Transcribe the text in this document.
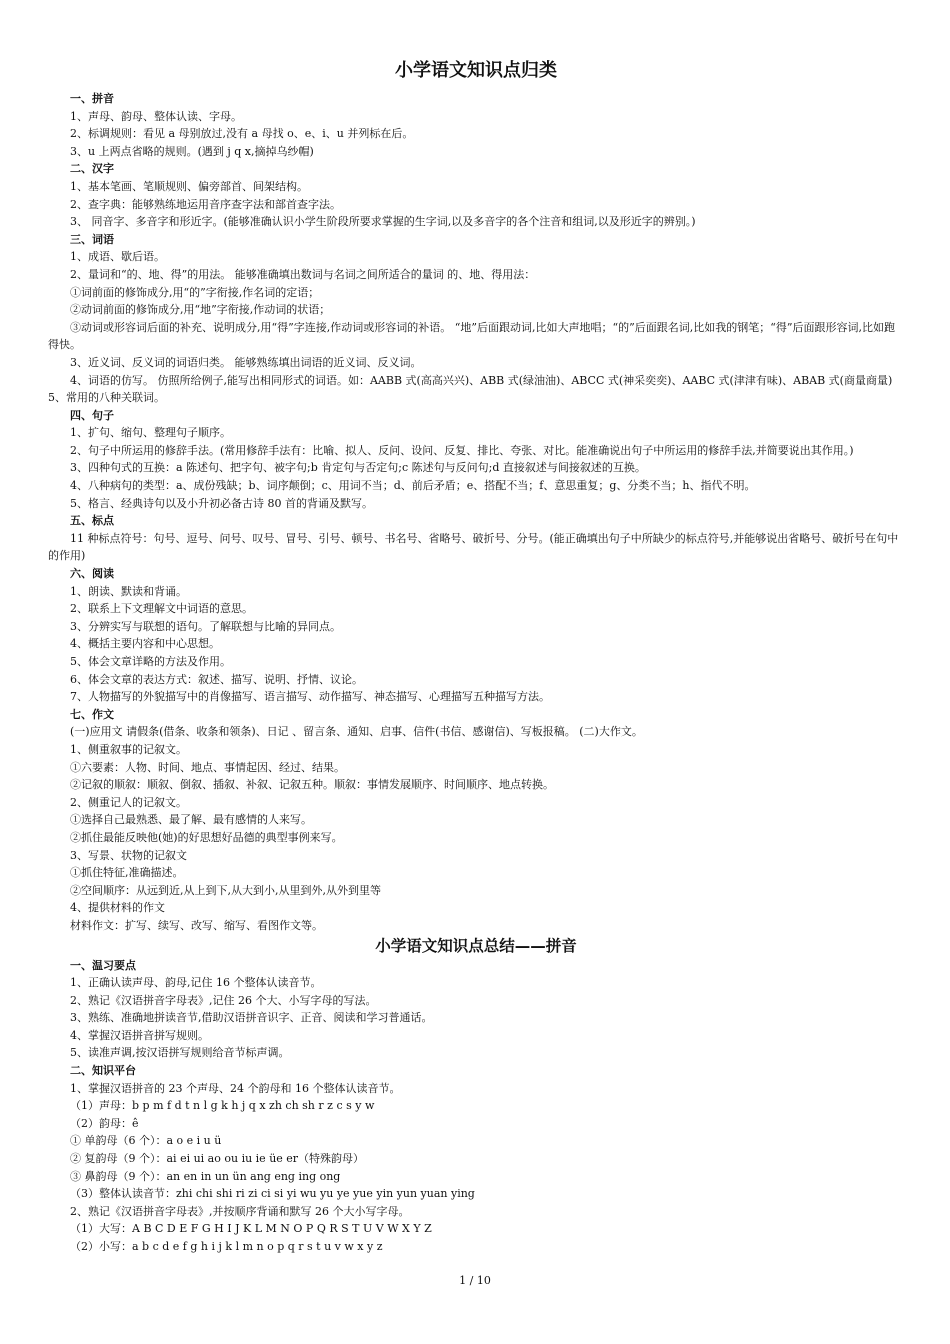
小学语文知识点归类
一、拼音

1、声母、韵母、整体认读、字母。

2、标调规则：看见 a 母别放过,没有 a 母找 o、e、i、u 并列标在后。

3、u 上两点省略的规则。(遇到 j q x,摘掉乌纱帽)

二、汉字

1、基本笔画、笔顺规则、偏旁部首、间架结构。

2、查字典：能够熟练地运用音序查字法和部首查字法。

3、 同音字、多音字和形近字。(能够准确认识小学生阶段所要求掌握的生字词,以及多音字的各个注音和组词,以及形近字的辨别。)

三、词语

1、成语、歇后语。

2、量词和“的、地、得”的用法。 能够准确填出数词与名词之间所适合的量词 的、地、得用法：

①词前面的修饰成分,用“的”字衔接,作名词的定语；

②动词前面的修饰成分,用“地”字衔接,作动词的状语；

③动词或形容词后面的补充、说明成分,用“得”字连接,作动词或形容词的补语。 “地”后面跟动词,比如大声地唱；“的”后面跟名词,比如我的钢笔；“得”后面跟形容词,比如跑得快。

3、近义词、反义词的词语归类。 能够熟练填出词语的近义词、反义词。

4、词语的仿写。 仿照所给例子,能写出相同形式的词语。如：AABB 式(高高兴兴)、ABB 式(绿油油)、ABCC 式(神采奕奕)、AABC 式(津津有味)、ABAB 式(商量商量) 5、常用的八种关联词。

四、句子

1、扩句、缩句、整理句子顺序。

2、句子中所运用的修辞手法。(常用修辞手法有：比喻、拟人、反问、设问、反复、排比、夸张、对比。能准确说出句子中所运用的修辞手法,并简要说出其作用。)

3、四种句式的互换：a 陈述句、把字句、被字句;b 肯定句与否定句;c 陈述句与反问句;d 直接叙述与间接叙述的互换。

4、八种病句的类型：a、成份残缺；b、词序颠倒；c、用词不当；d、前后矛盾；e、搭配不当；f、意思重复；g、分类不当；h、指代不明。

5、格言、经典诗句以及小升初必备古诗 80 首的背诵及默写。

五、标点

11 种标点符号：句号、逗号、问号、叹号、冒号、引号、顿号、书名号、省略号、破折号、分号。(能正确填出句子中所缺少的标点符号,并能够说出省略号、破折号在句中的作用)

六、阅读

1、朗读、默读和背诵。

2、联系上下文理解文中词语的意思。

3、分辨实写与联想的语句。了解联想与比喻的异同点。

4、概括主要内容和中心思想。

5、体会文章详略的方法及作用。

6、体会文章的表达方式：叙述、描写、说明、抒情、议论。

7、人物描写的外貌描写中的肖像描写、语言描写、动作描写、神态描写、心理描写五种描写方法。

七、作文

(一)应用文 请假条(借条、收条和领条)、日记 、留言条、通知、启事、信件(书信、感谢信)、写板报稿。 (二)大作文。

1、侧重叙事的记叙文。

①六要素：人物、时间、地点、事情起因、经过、结果。

②记叙的顺叙：顺叙、倒叙、插叙、补叙、记叙五种。顺叙：事情发展顺序、时间顺序、地点转换。

2、侧重记人的记叙文。

①选择自己最熟悉、最了解、最有感情的人来写。

②抓住最能反映他(她)的好思想好品德的典型事例来写。

3、写景、状物的记叙文

①抓住特征,准确描述。

②空间顺序：从远到近,从上到下,从大到小,从里到外,从外到里等

4、提供材料的作文

材料作文：扩写、续写、改写、缩写、看图作文等。

小学语文知识点总结——拼音
一、温习要点

1、正确认读声母、韵母,记住 16 个整体认读音节。

2、熟记《汉语拼音字母表》,记住 26 个大、小写字母的写法。

3、熟练、准确地拼读音节,借助汉语拼音识字、正音、阅读和学习普通话。

4、掌握汉语拼音拼写规则。

5、读准声调,按汉语拼写规则给音节标声调。

二、知识平台

1、掌握汉语拼音的 23 个声母、24 个韵母和 16 个整体认读音节。

（1）声母：b p m f d t n l g k h j q x zh ch sh r z c s y w

（2）韵母：ê

① 单韵母（6 个）：a o e i u ü

② 复韵母（9 个）：ai ei ui ao ou iu ie üe er（特殊韵母）

③ 鼻韵母（9 个）：an en in un ün ang eng ing ong

（3）整体认读音节：zhi chi shi ri zi ci si yi wu yu ye yue yin yun yuan ying

2、熟记《汉语拼音字母表》,并按顺序背诵和默写 26 个大小写字母。

（1）大写：A B C D E F G H I J K L M N O P Q R S T U V W X Y Z

（2）小写：a b c d e f g h i j k l m n o p q r s t u v w x y z

1 / 10
